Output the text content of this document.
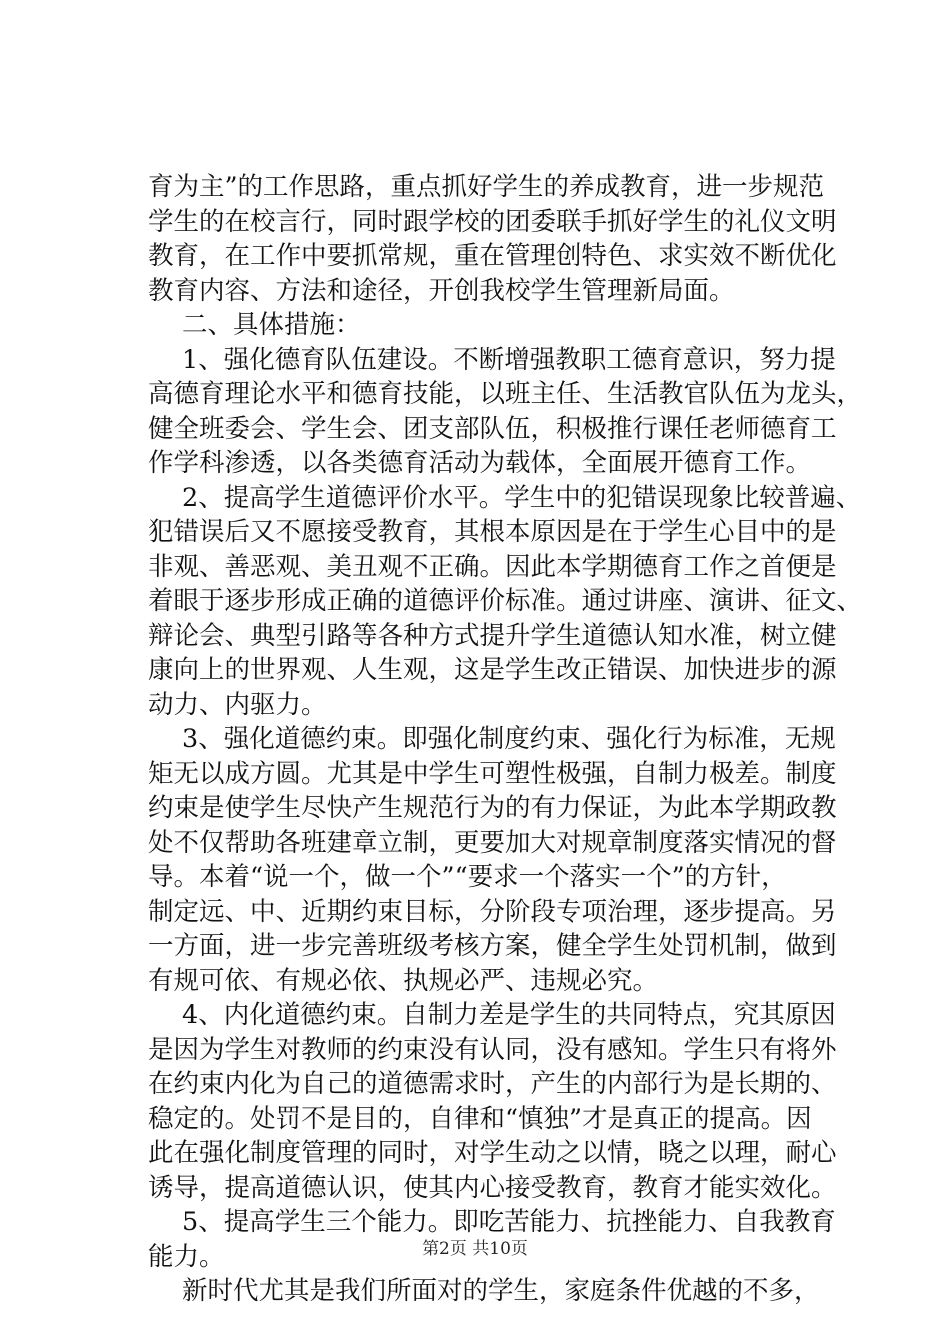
育为主”的工作思路，重点抓好学生的养成教育，进一步规范
学生的在校言行，同时跟学校的团委联手抓好学生的礼仪文明
教育，在工作中要抓常规，重在管理创特色、求实效不断优化
教育内容、方法和途径，开创我校学生管理新局面。
二、具体措施：
1、强化德育队伍建设。不断增强教职工德育意识，努力提
高德育理论水平和德育技能，以班主任、生活教官队伍为龙头，
健全班委会、学生会、团支部队伍，积极推行课任老师德育工
作学科渗透，以各类德育活动为载体，全面展开德育工作。
2、提高学生道德评价水平。学生中的犯错误现象比较普遍、
犯错误后又不愿接受教育，其根本原因是在于学生心目中的是
非观、善恶观、美丑观不正确。因此本学期德育工作之首便是
着眼于逐步形成正确的道德评价标准。通过讲座、演讲、征文、
辩论会、典型引路等各种方式提升学生道德认知水准，树立健
康向上的世界观、人生观，这是学生改正错误、加快进步的源
动力、内驱力。
3、强化道德约束。即强化制度约束、强化行为标准，无规
矩无以成方圆。尤其是中学生可塑性极强，自制力极差。制度
约束是使学生尽快产生规范行为的有力保证，为此本学期政教
处不仅帮助各班建章立制，更要加大对规章制度落实情况的督
导。本着“说一个，做一个”“要求一个落实一个”的方针，
制定远、中、近期约束目标，分阶段专项治理，逐步提高。另
一方面，进一步完善班级考核方案，健全学生处罚机制，做到
有规可依、有规必依、执规必严、违规必究。
4、内化道德约束。自制力差是学生的共同特点，究其原因
是因为学生对教师的约束没有认同，没有感知。学生只有将外
在约束内化为自己的道德需求时，产生的内部行为是长期的、
稳定的。处罚不是目的，自律和“慎独”才是真正的提高。因
此在强化制度管理的同时，对学生动之以情，晓之以理，耐心
诱导，提高道德认识，使其内心接受教育，教育才能实效化。
5、提高学生三个能力。即吃苦能力、抗挫能力、自我教育
能力。
新时代尤其是我们所面对的学生，家庭条件优越的不多，
第2页 共10页
